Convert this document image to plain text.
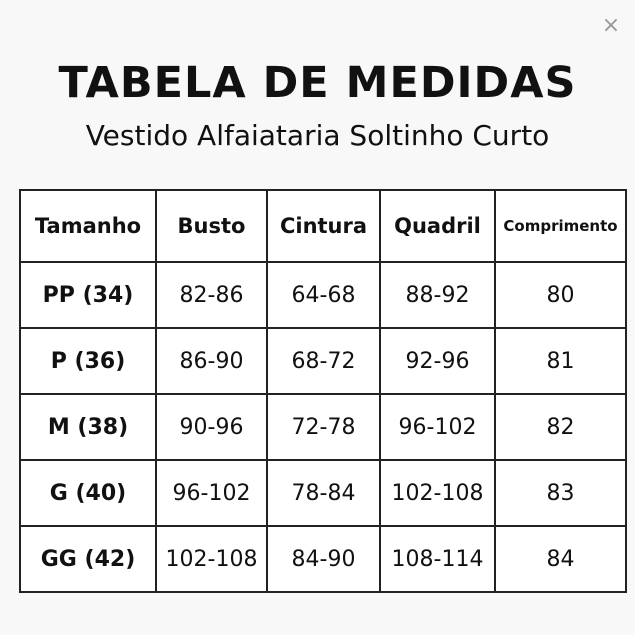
×
TABELA DE MEDIDAS
Vestido Alfaiataria Soltinho Curto
Tamanho	Busto	Cintura	Quadril	Comprimento
PP (34)	82-86	64-68	88-92	80
P (36)	86-90	68-72	92-96	81
M (38)	90-96	72-78	96-102	82
G (40)	96-102	78-84	102-108	83
GG (42)	102-108	84-90	108-114	84
